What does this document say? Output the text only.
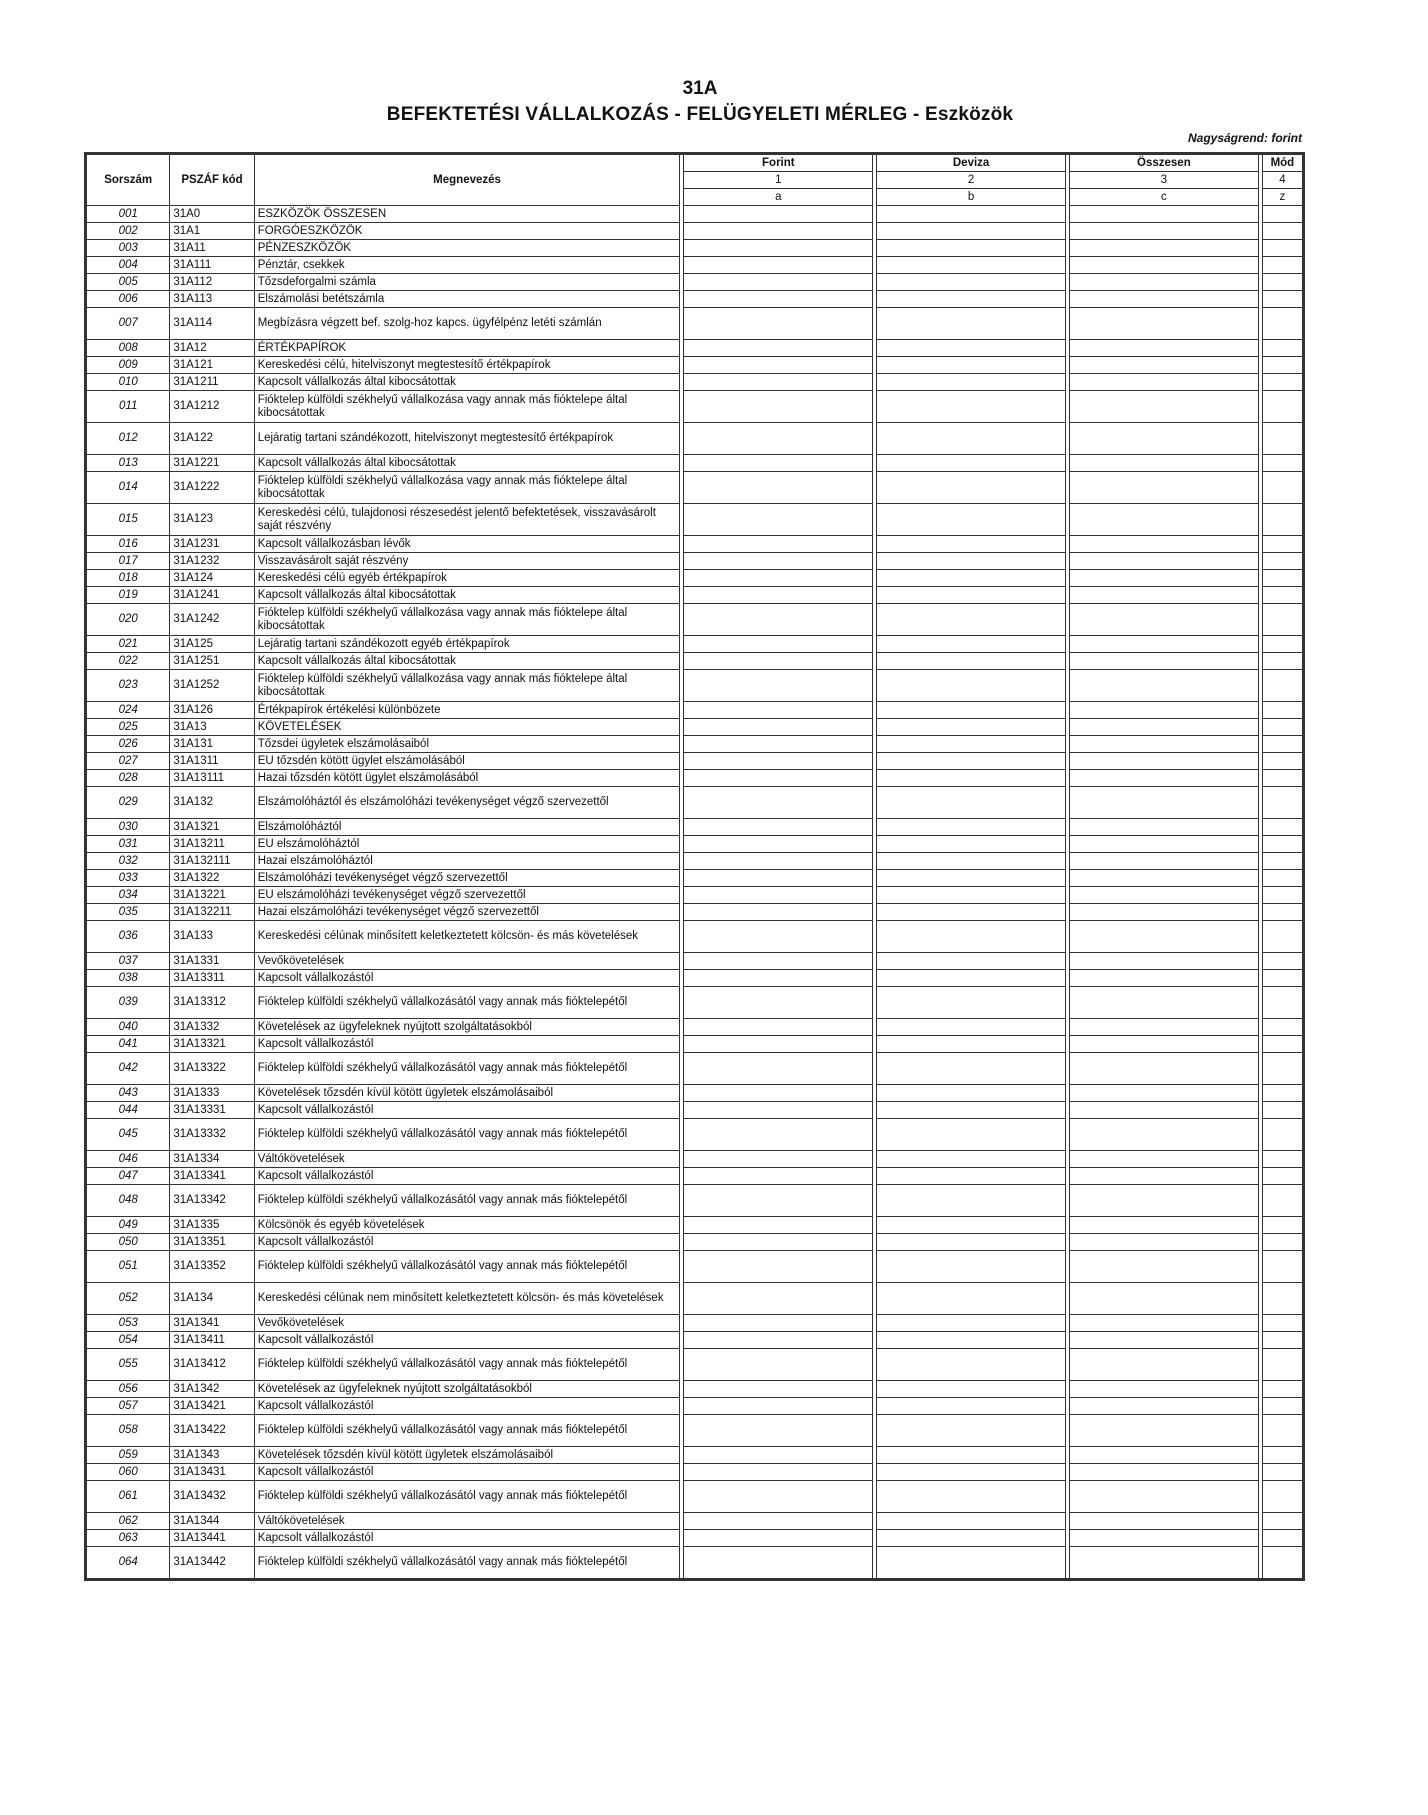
31A
BEFEKTETÉSI VÁLLALKOZÁS - FELÜGYELETI MÉRLEG - Eszközök
Nagyságrend: forint
Sorszám	PSZÁF kód	Megnevezés		Forint		Deviza		Összesen		Mód
				1		2		3		4
				a		b		c		z
001	31A0	ESZKÖZÖK ÖSSZESEN								
002	31A1	FORGÓESZKÖZÖK								
003	31A11	PÉNZESZKÖZÖK								
004	31A111	Pénztár, csekkek								
005	31A112	Tőzsdeforgalmi számla								
006	31A113	Elszámolási betétszámla								
007	31A114	Megbízásra végzett bef. szolg-hoz kapcs. ügyfélpénz letéti számlán								
008	31A12	ÉRTÉKPAPÍROK								
009	31A121	Kereskedési célú, hitelviszonyt megtestesítő értékpapírok								
010	31A1211	Kapcsolt vállalkozás által kibocsátottak								
011	31A1212	Fióktelep külföldi székhelyű vállalkozása vagy annak más fióktelepe által kibocsátottak								
012	31A122	Lejáratig tartani szándékozott, hitelviszonyt megtestesítő értékpapírok								
013	31A1221	Kapcsolt vállalkozás által kibocsátottak								
014	31A1222	Fióktelep külföldi székhelyű vállalkozása vagy annak más fióktelepe által kibocsátottak								
015	31A123	Kereskedési célú, tulajdonosi részesedést jelentő befektetések, visszavásárolt saját részvény								
016	31A1231	Kapcsolt vállalkozásban lévők								
017	31A1232	Visszavásárolt saját részvény								
018	31A124	Kereskedési célú egyéb értékpapírok								
019	31A1241	Kapcsolt vállalkozás által kibocsátottak								
020	31A1242	Fióktelep külföldi székhelyű vállalkozása vagy annak más fióktelepe által kibocsátottak								
021	31A125	Lejáratig tartani szándékozott egyéb értékpapírok								
022	31A1251	Kapcsolt vállalkozás által kibocsátottak								
023	31A1252	Fióktelep külföldi székhelyű vállalkozása vagy annak más fióktelepe által kibocsátottak								
024	31A126	Értékpapírok értékelési különbözete								
025	31A13	KÖVETELÉSEK								
026	31A131	Tőzsdei ügyletek elszámolásaiból								
027	31A1311	EU tőzsdén kötött ügylet elszámolásából								
028	31A13111	Hazai tőzsdén kötött ügylet elszámolásából								
029	31A132	Elszámolóháztól és elszámolóházi tevékenységet végző szervezettől								
030	31A1321	Elszámolóháztól								
031	31A13211	EU elszámolóháztól								
032	31A132111	Hazai elszámolóháztól								
033	31A1322	Elszámolóházi tevékenységet végző szervezettől								
034	31A13221	EU elszámolóházi tevékenységet végző szervezettől								
035	31A132211	Hazai elszámolóházi tevékenységet végző szervezettől								
036	31A133	Kereskedési célúnak minősített keletkeztetett kölcsön- és más követelések								
037	31A1331	Vevőkövetelések								
038	31A13311	Kapcsolt vállalkozástól								
039	31A13312	Fióktelep külföldi székhelyű vállalkozásától vagy annak más fióktelepétől								
040	31A1332	Követelések az ügyfeleknek nyújtott szolgáltatásokból								
041	31A13321	Kapcsolt vállalkozástól								
042	31A13322	Fióktelep külföldi székhelyű vállalkozásától vagy annak más fióktelepétől								
043	31A1333	Követelések tőzsdén kívül kötött ügyletek elszámolásaiból								
044	31A13331	Kapcsolt vállalkozástól								
045	31A13332	Fióktelep külföldi székhelyű vállalkozásától vagy annak más fióktelepétől								
046	31A1334	Váltókövetelések								
047	31A13341	Kapcsolt vállalkozástól								
048	31A13342	Fióktelep külföldi székhelyű vállalkozásától vagy annak más fióktelepétől								
049	31A1335	Kölcsönök és egyéb követelések								
050	31A13351	Kapcsolt vállalkozástól								
051	31A13352	Fióktelep külföldi székhelyű vállalkozásától vagy annak más fióktelepétől								
052	31A134	Kereskedési célúnak nem minősített keletkeztetett kölcsön- és más követelések								
053	31A1341	Vevőkövetelések								
054	31A13411	Kapcsolt vállalkozástól								
055	31A13412	Fióktelep külföldi székhelyű vállalkozásától vagy annak más fióktelepétől								
056	31A1342	Követelések az ügyfeleknek nyújtott szolgáltatásokból								
057	31A13421	Kapcsolt vállalkozástól								
058	31A13422	Fióktelep külföldi székhelyű vállalkozásától vagy annak más fióktelepétől								
059	31A1343	Követelések tőzsdén kívül kötött ügyletek elszámolásaiból								
060	31A13431	Kapcsolt vállalkozástól								
061	31A13432	Fióktelep külföldi székhelyű vállalkozásától vagy annak más fióktelepétől								
062	31A1344	Váltókövetelések								
063	31A13441	Kapcsolt vállalkozástól								
064	31A13442	Fióktelep külföldi székhelyű vállalkozásától vagy annak más fióktelepétől								
